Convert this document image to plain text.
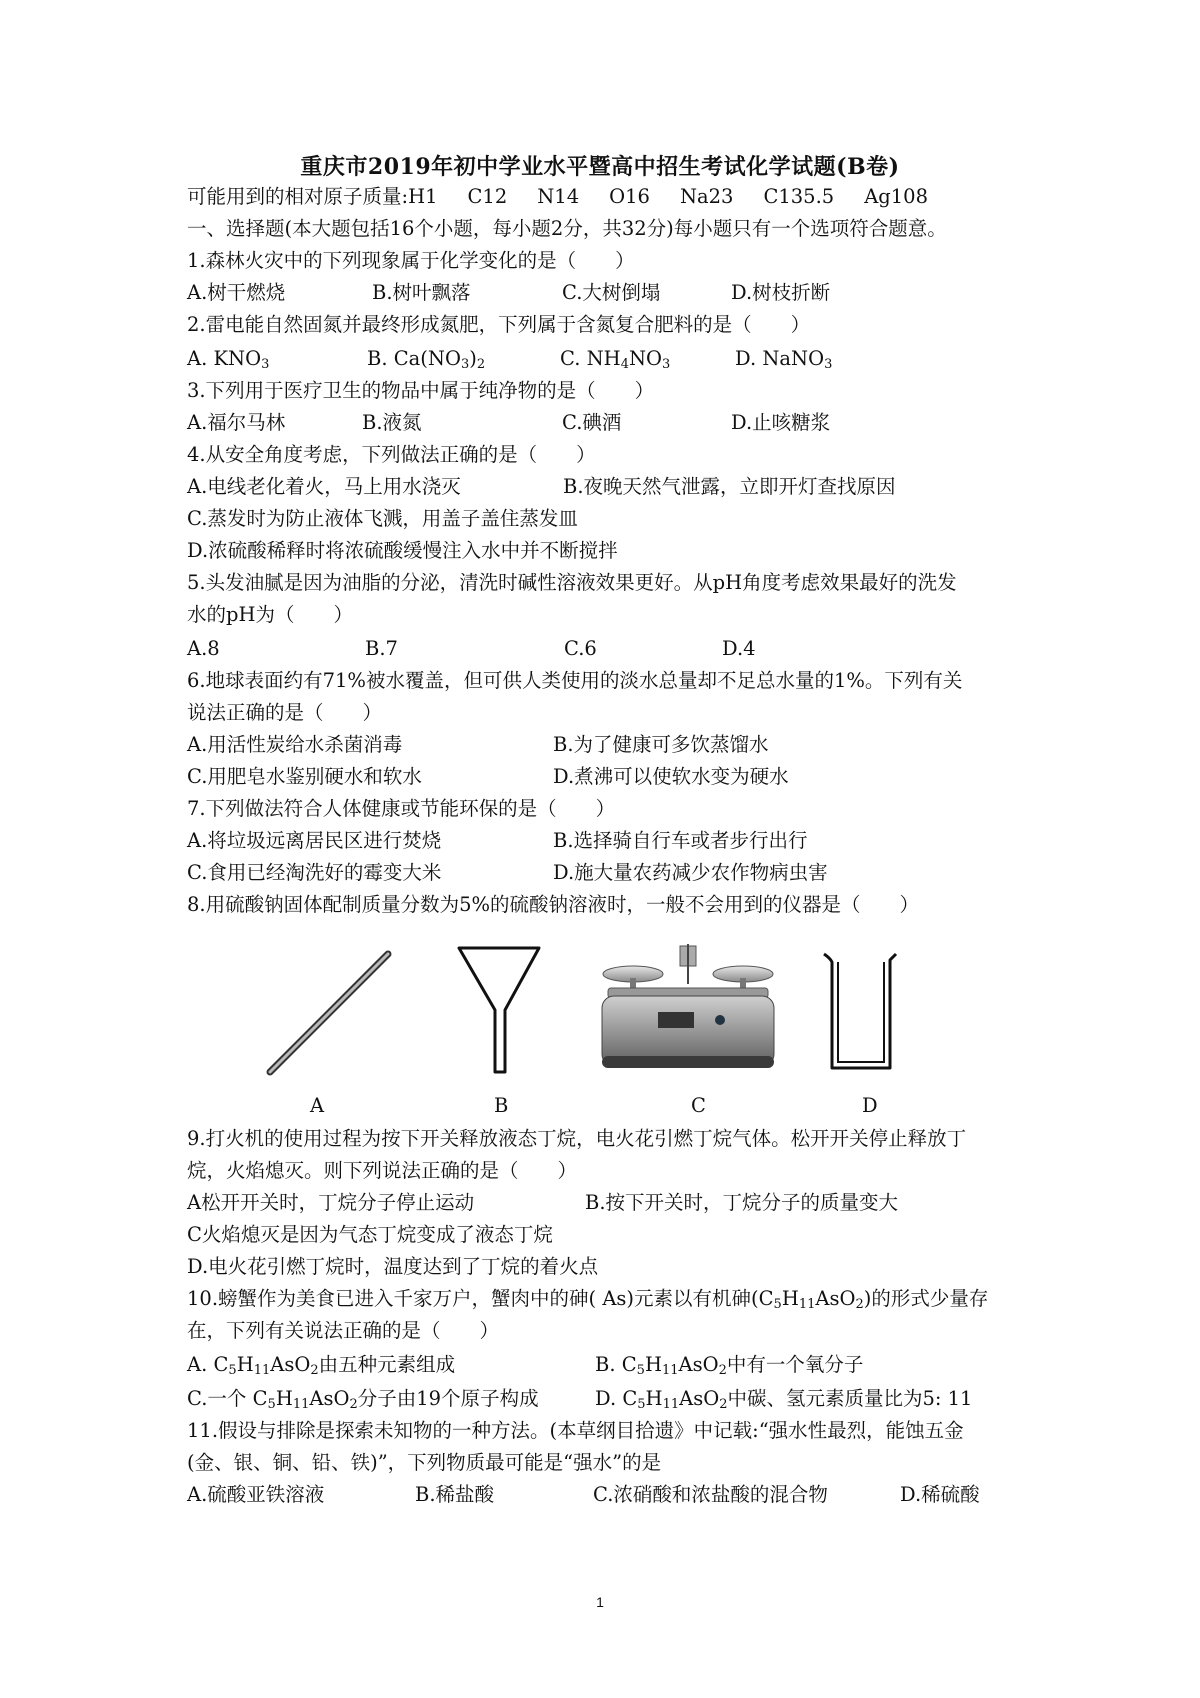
重庆市2019年初中学业水平暨高中招生考试化学试题(B卷)
可能用到的相对原子质量:H1 C12 N14 O16 Na23 C135.5 Ag108
一、选择题(本大题包括16个小题，每小题2分，共32分)每小题只有一个选项符合题意。
1.森林火灾中的下列现象属于化学变化的是（　　）
A.树干燃烧	B.树叶飘落	C.大树倒塌	D.树枝折断
2.雷电能自然固氮并最终形成氮肥，下列属于含氮复合肥料的是（　　）
A. $KNO_3$	B. $Ca(NO_3)_2$	C. $NH_4NO_3$	D. NaNO$_3$
3.下列用于医疗卫生的物品中属于纯净物的是（　　）
A.福尔马林	B.液氮	C.碘酒	D.止咳糖浆
4.从安全角度考虑，下列做法正确的是（　　）
A.电线老化着火，马上用水浇灭	B.夜晚天然气泄露，立即开灯查找原因
C.蒸发时为防止液体飞溅，用盖子盖住蒸发皿
D.浓硫酸稀释时将浓硫酸缓慢注入水中并不断搅拌
5.头发油腻是因为油脂的分泌，清洗时碱性溶液效果更好。从pH角度考虑效果最好的洗发
水的pH为（　　）
A.8	B.7	C.6	D.4
6.地球表面约有71%被水覆盖，但可供人类使用的淡水总量却不足总水量的1%。下列有关
说法正确的是（　　）
A.用活性炭给水杀菌消毒	B.为了健康可多饮蒸馏水
C.用肥皂水鉴别硬水和软水	D.煮沸可以使软水变为硬水
7.下列做法符合人体健康或节能环保的是（　　）
A.将垃圾远离居民区进行焚烧	B.选择骑自行车或者步行出行
C.食用已经淘洗好的霉变大米	D.施大量农药减少农作物病虫害
8.用硫酸钠固体配制质量分数为5%的硫酸钠溶液时，一般不会用到的仪器是（　　）
A	B	C	D
9.打火机的使用过程为按下开关释放液态丁烷，电火花引燃丁烷气体。松开开关停止释放丁
烷，火焰熄灭。则下列说法正确的是（　　）
A松开开关时，丁烷分子停止运动	B.按下开关时，丁烷分子的质量变大
C火焰熄灭是因为气态丁烷变成了液态丁烷
D.电火花引燃丁烷时，温度达到了丁烷的着火点
10.螃蟹作为美食已进入千家万户，蟹肉中的砷( As)元素以有机砷$(C_5H_{11}AsO_2)$的形式少量存
在，下列有关说法正确的是（　　）
A. $C_5H_{11}AsO_2$由五种元素组成	B. $C_5H_{11}AsO_2$中有一个氧分子
C.一个 $C_5H_{11}AsO_2$分子由19个原子构成	D. $C_5H_{11}AsO_2$中碳、氢元素质量比为5: 11
11.假设与排除是探索未知物的一种方法。(本草纲目拾遗》中记载:“强水性最烈，能蚀五金
(金、银、铜、铅、铁)”，下列物质最可能是“强水”的是
A.硫酸亚铁溶液	B.稀盐酸	C.浓硝酸和浓盐酸的混合物	D.稀硫酸
1
